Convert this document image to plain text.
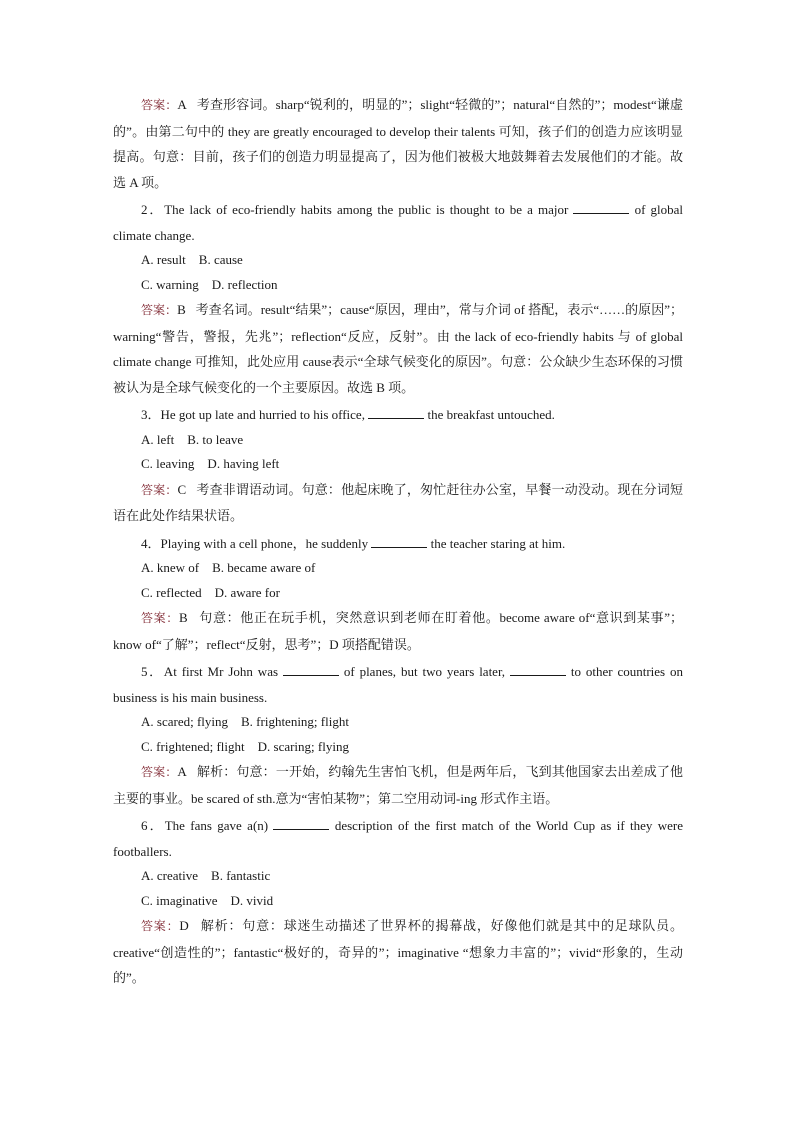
答案：A 考查形容词。sharp“锐利的，明显的”；slight“轻微的”；natural“自然的”；modest“谦虚的”。由第二句中的 they are greatly encouraged to develop their talents 可知，孩子们的创造力应该明显提高。句意：目前，孩子们的创造力明显提高了，因为他们被极大地鼓舞着去发展他们的才能。故选 A 项。

2．The lack of eco-friendly habits among the public is thought to be a major	of global climate change.

A. result    B. cause

C. warning    D. reflection

答案：B 考查名词。result“结果”；cause“原因，理由”，常与介词 of 搭配，表示“……的原因”；warning“警告，警报，先兆”；reflection“反应，反射”。由 the lack of eco-friendly habits 与 of global climate change 可推知，此处应用 cause表示“全球气候变化的原因”。句意：公众缺少生态环保的习惯被认为是全球气候变化的一个主要原因。故选 B 项。

3．He got up late and hurried to his office,	the breakfast untouched.

A. left    B. to leave

C. leaving    D. having left

答案：C 考查非谓语动词。句意：他起床晚了，匆忙赶往办公室，早餐一动没动。现在分词短语在此处作结果状语。

4．Playing with a cell phone，he suddenly	the teacher staring at him.

A. knew of    B. became aware of

C. reflected    D. aware for

答案：B 句意：他正在玩手机，突然意识到老师在盯着他。become aware of“意识到某事”；know of“了解”；reflect“反射，思考”；D 项搭配错误。

5．At first Mr John was	of planes, but two years later,	to other countries on business is his main business.

A. scared; flying    B. frightening; flight

C. frightened; flight    D. scaring; flying

答案：A 解析：句意：一开始，约翰先生害怕飞机，但是两年后，飞到其他国家去出差成了他主要的事业。be scared of sth.意为“害怕某物”；第二空用动词-ing 形式作主语。

6．The fans gave a(n)	description of the first match of the World Cup as if they were footballers.

A. creative    B. fantastic

C. imaginative    D. vivid

答案：D 解析：句意：球迷生动描述了世界杯的揭幕战，好像他们就是其中的足球队员。creative“创造性的”；fantastic“极好的，奇异的”；imaginative “想象力丰富的”；vivid“形象的，生动的”。
